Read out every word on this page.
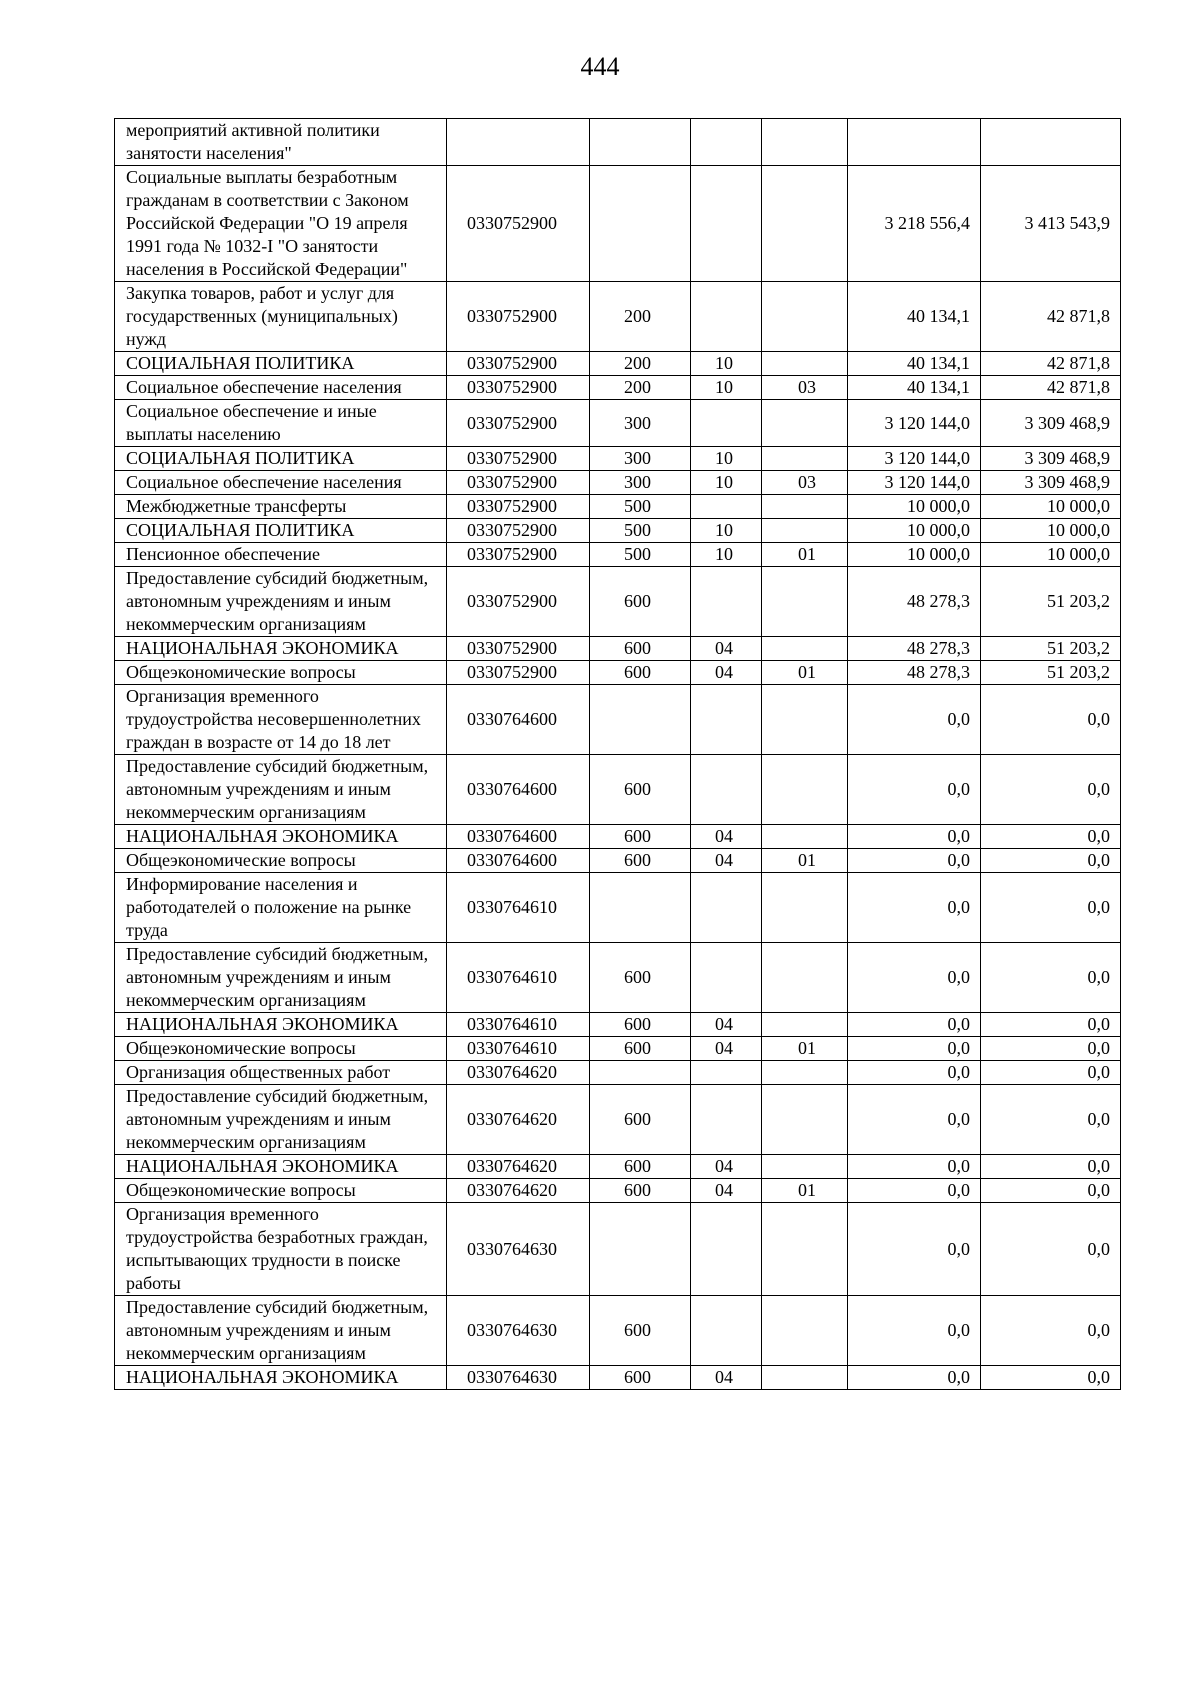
444
мероприятий активной политики занятости населения"						
Социальные выплаты безработным гражданам в соответствии с Законом Российской Федерации "О 19 апреля 1991 года № 1032-I "О занятости населения в Российской Федерации"	0330752900				3 218 556,4	3 413 543,9
Закупка товаров, работ и услуг для государственных (муниципальных) нужд	0330752900	200			40 134,1	42 871,8
СОЦИАЛЬНАЯ ПОЛИТИКА	0330752900	200	10		40 134,1	42 871,8
Социальное обеспечение населения	0330752900	200	10	03	40 134,1	42 871,8
Социальное обеспечение и иные выплаты населению	0330752900	300			3 120 144,0	3 309 468,9
СОЦИАЛЬНАЯ ПОЛИТИКА	0330752900	300	10		3 120 144,0	3 309 468,9
Социальное обеспечение населения	0330752900	300	10	03	3 120 144,0	3 309 468,9
Межбюджетные трансферты	0330752900	500			10 000,0	10 000,0
СОЦИАЛЬНАЯ ПОЛИТИКА	0330752900	500	10		10 000,0	10 000,0
Пенсионное обеспечение	0330752900	500	10	01	10 000,0	10 000,0
Предоставление субсидий бюджетным, автономным учреждениям и иным некоммерческим организациям	0330752900	600			48 278,3	51 203,2
НАЦИОНАЛЬНАЯ ЭКОНОМИКА	0330752900	600	04		48 278,3	51 203,2
Общеэкономические вопросы	0330752900	600	04	01	48 278,3	51 203,2
Организация временного трудоустройства несовершеннолетних граждан в возрасте от 14 до 18 лет	0330764600				0,0	0,0
Предоставление субсидий бюджетным, автономным учреждениям и иным некоммерческим организациям	0330764600	600			0,0	0,0
НАЦИОНАЛЬНАЯ ЭКОНОМИКА	0330764600	600	04		0,0	0,0
Общеэкономические вопросы	0330764600	600	04	01	0,0	0,0
Информирование населения и работодателей о положение на рынке труда	0330764610				0,0	0,0
Предоставление субсидий бюджетным, автономным учреждениям и иным некоммерческим организациям	0330764610	600			0,0	0,0
НАЦИОНАЛЬНАЯ ЭКОНОМИКА	0330764610	600	04		0,0	0,0
Общеэкономические вопросы	0330764610	600	04	01	0,0	0,0
Организация общественных работ	0330764620				0,0	0,0
Предоставление субсидий бюджетным, автономным учреждениям и иным некоммерческим организациям	0330764620	600			0,0	0,0
НАЦИОНАЛЬНАЯ ЭКОНОМИКА	0330764620	600	04		0,0	0,0
Общеэкономические вопросы	0330764620	600	04	01	0,0	0,0
Организация временного трудоустройства безработных граждан, испытывающих трудности в поиске работы	0330764630				0,0	0,0
Предоставление субсидий бюджетным, автономным учреждениям и иным некоммерческим организациям	0330764630	600			0,0	0,0
НАЦИОНАЛЬНАЯ ЭКОНОМИКА	0330764630	600	04		0,0	0,0
